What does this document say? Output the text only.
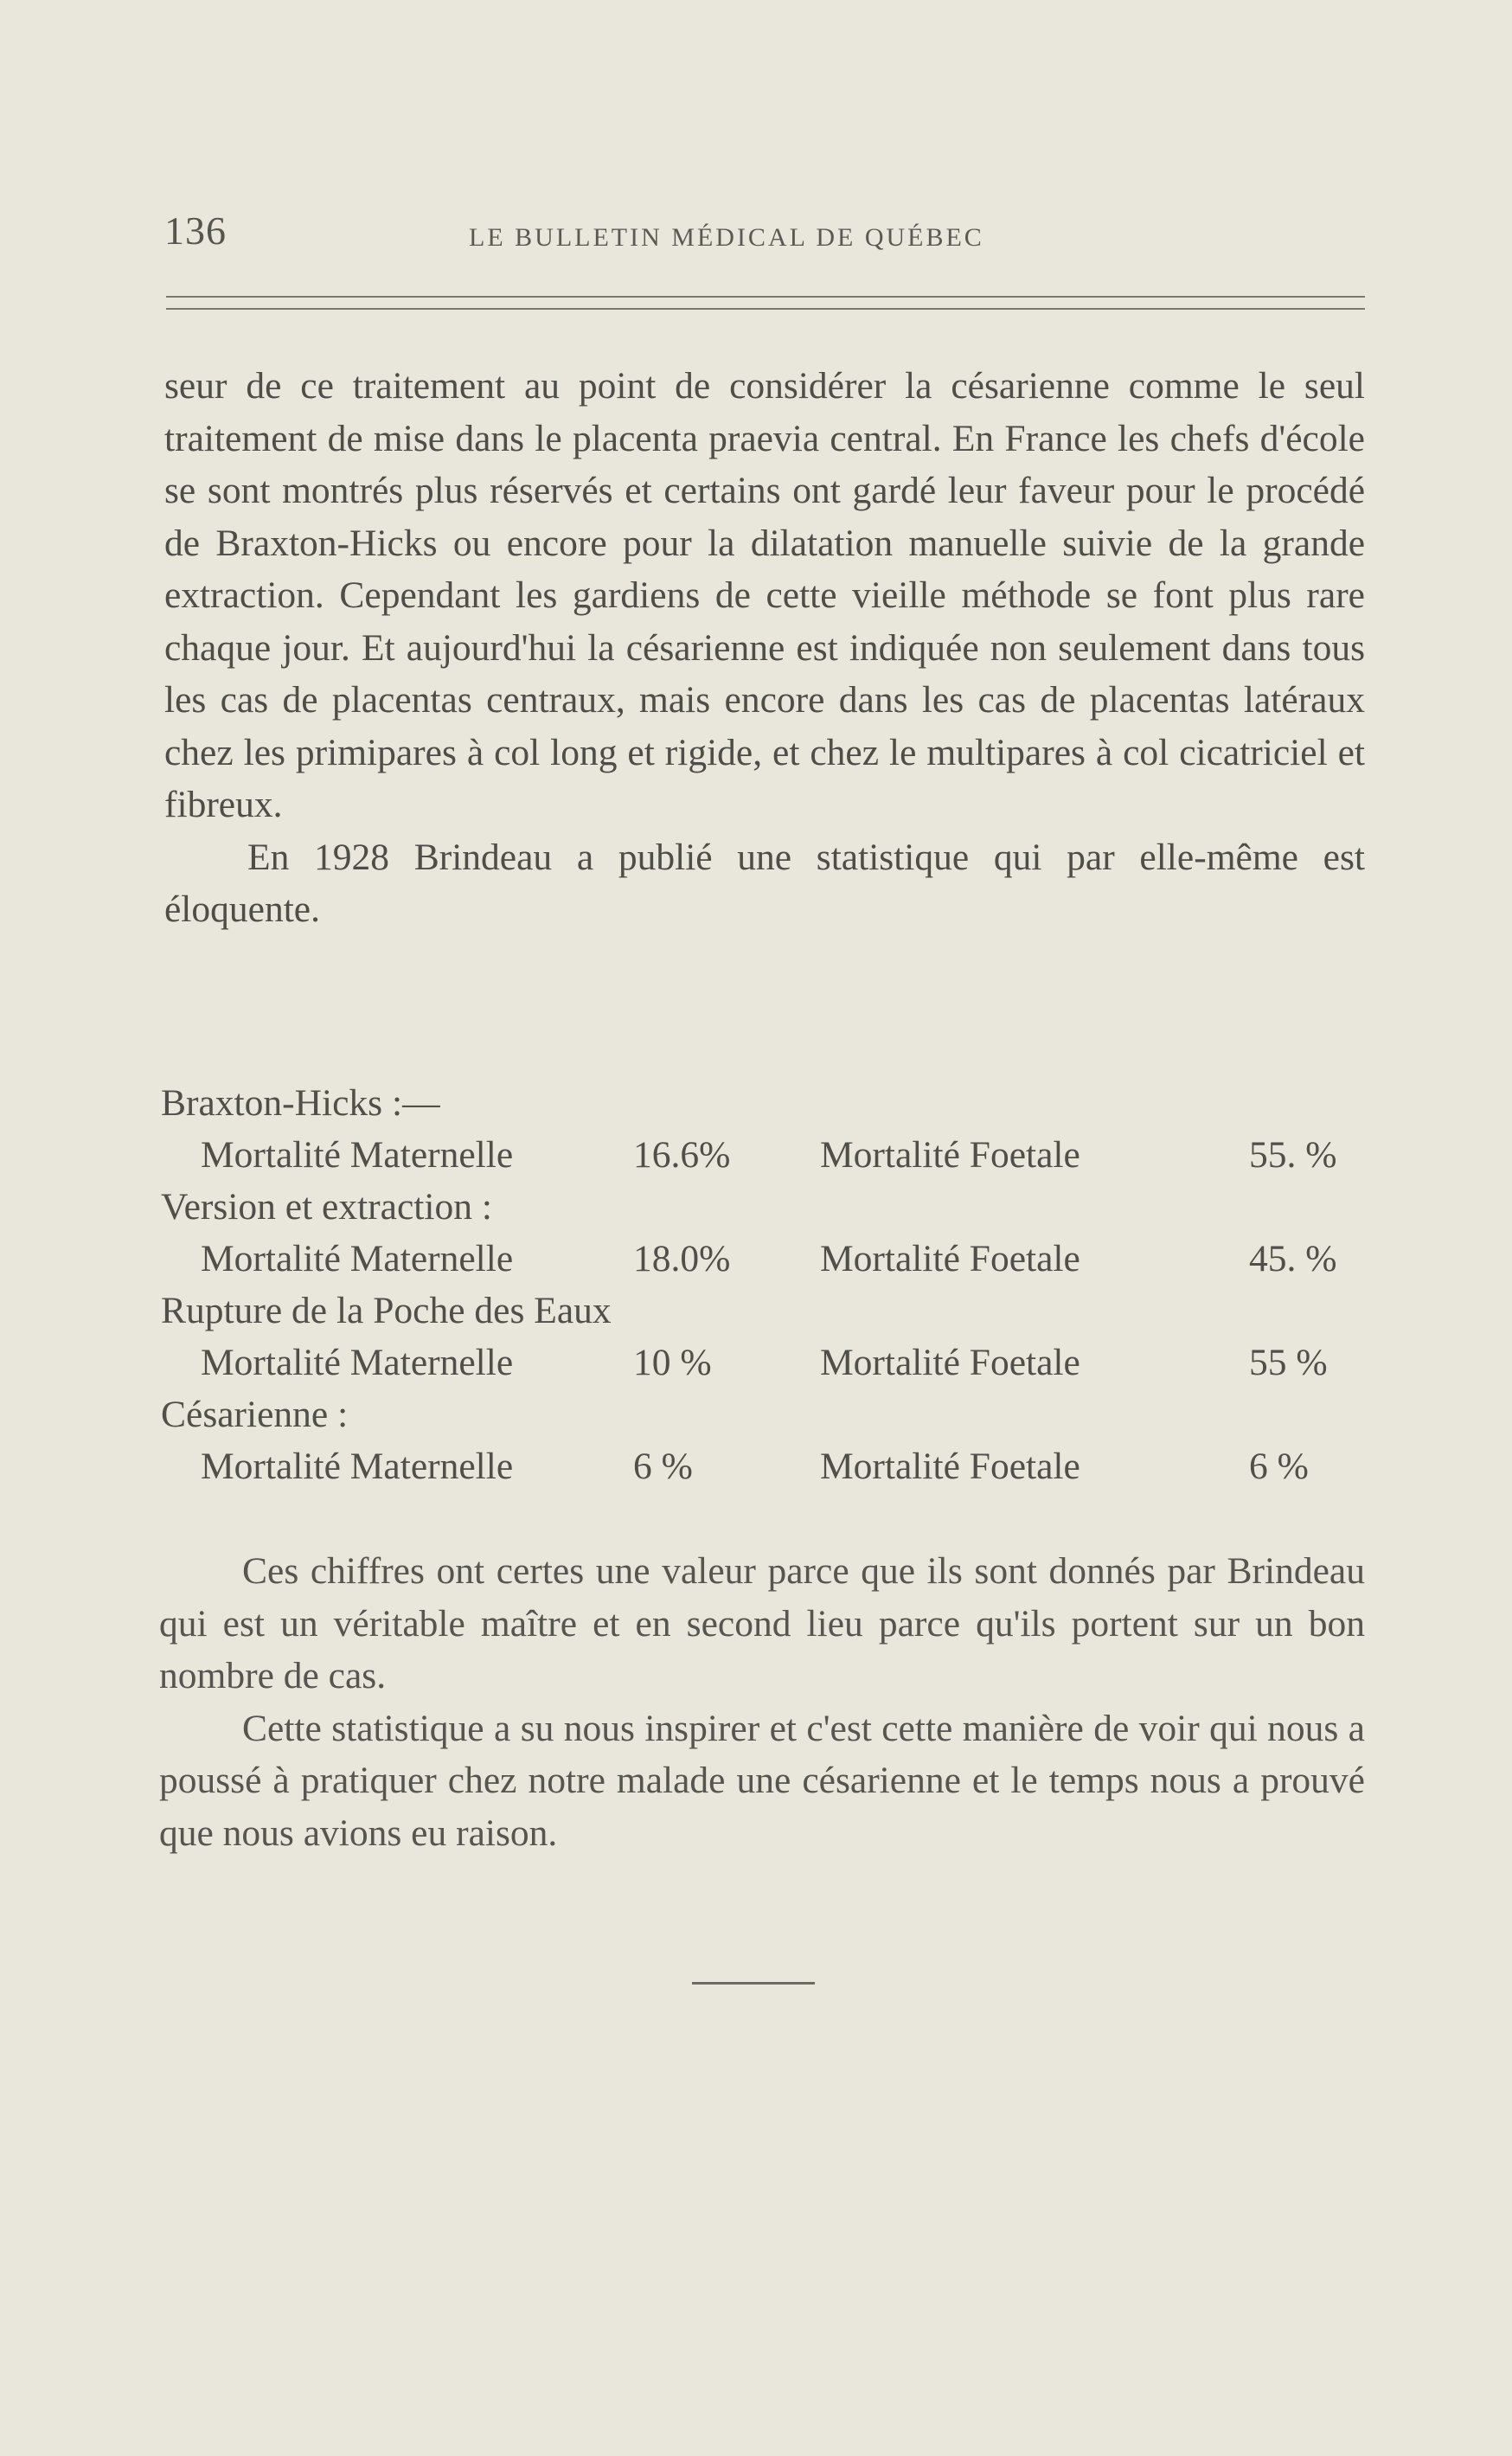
136	LE BULLETIN MÉDICAL DE QUÉBEC

seur de ce traitement au point de considérer la césarienne comme le seul traitement de mise dans le placenta praevia central. En France les chefs d'école se sont montrés plus réservés et certains ont gardé leur faveur pour le procédé de Braxton-Hicks ou encore pour la dilatation manuelle suivie de la grande extraction. Cependant les gardiens de cette vieille méthode se font plus rare chaque jour. Et aujourd'hui la césarienne est indiquée non seulement dans tous les cas de placentas centraux, mais encore dans les cas de placentas latéraux chez les primipares à col long et rigide, et chez le multipares à col cicatriciel et fibreux.

En 1928 Brindeau a publié une statistique qui par elle-même est éloquente.

Braxton-Hicks :—
Mortalité Maternelle	16.6% Mortalité Foetale	55. %
Version et extraction :
Mortalité Maternelle	18.0% Mortalité Foetale	45. %
Rupture de la Poche des Eaux
Mortalité Maternelle	10 %	Mortalité Foetale	55 %
Césarienne :
Mortalité Maternelle	6 %	Mortalité Foetale	6 %

Ces chiffres ont certes une valeur parce que ils sont donnés par Brindeau qui est un véritable maître et en second lieu parce qu'ils portent sur un bon nombre de cas.

Cette statistique a su nous inspirer et c'est cette manière de voir qui nous a poussé à pratiquer chez notre malade une césarienne et le temps nous a prouvé que nous avions eu raison.
